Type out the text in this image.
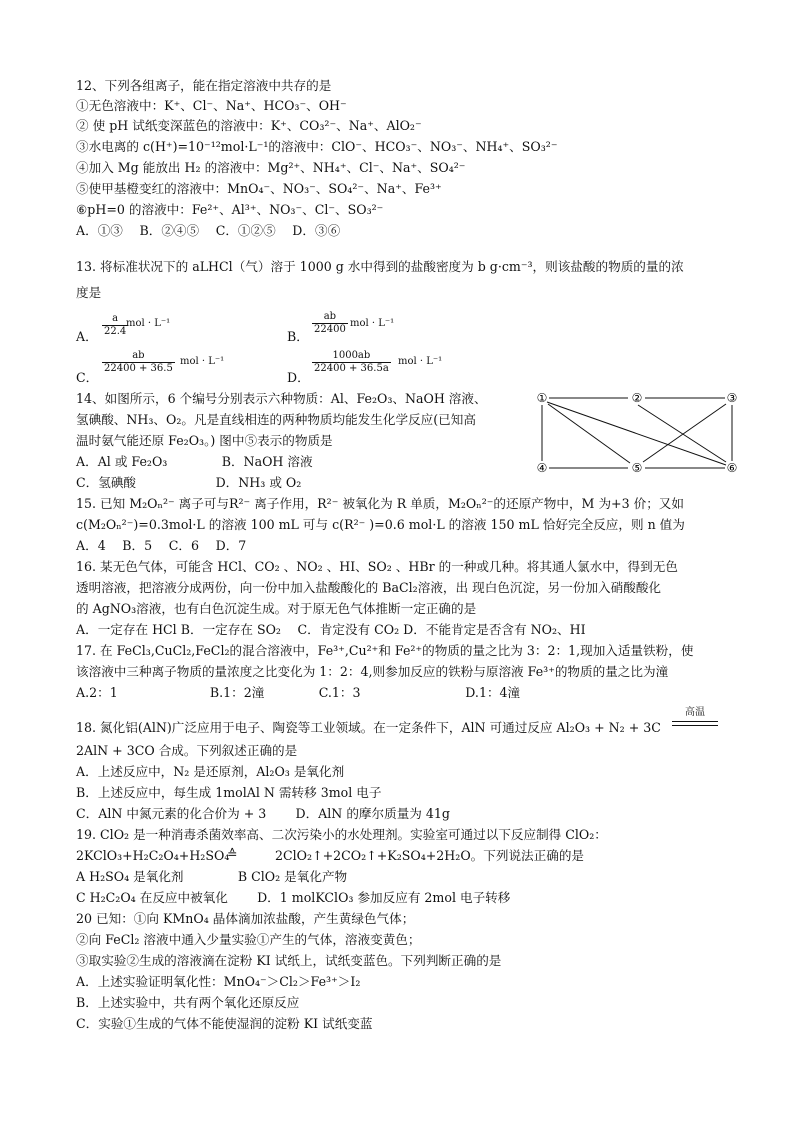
12、下列各组离子，能在指定溶液中共存的是
①无色溶液中：K⁺、Cl⁻、Na⁺、HCO₃⁻、OH⁻
② 使 pH 试纸变深蓝色的溶液中：K⁺、CO₃²⁻、Na⁺、AlO₂⁻
③水电离的 c(H⁺)=10⁻¹²mol·L⁻¹的溶液中：ClO⁻、HCO₃⁻、NO₃⁻、NH₄⁺、SO₃²⁻
④加入 Mg 能放出 H₂ 的溶液中：Mg²⁺、NH₄⁺、Cl⁻、Na⁺、SO₄²⁻
⑤使甲基橙变红的溶液中：MnO₄⁻、NO₃⁻、SO₄²⁻、Na⁺、Fe³⁺
⑥pH=0 的溶液中：Fe²⁺、Al³⁺、NO₃⁻、Cl⁻、SO₃²⁻
A．①③　 B．②④⑤　 C．①②⑤　 D．③⑥
13. 将标准状况下的 aLHCl（气）溶于 1000 g 水中得到的盐酸密度为 b g·cm⁻³，则该盐酸的物质的量的浓
度是
A． $\frac{a}{22.4}$
mol · L⁻¹
B．
$\frac{ab}{22400}$ mol · L⁻¹
C．
$\frac{ab}{22400 + 36.5}$ mol · L⁻¹
D．
$\frac{1000ab}{22400 + 36.5a}$ mol · L⁻¹
14、如图所示，6 个编号分别表示六种物质：Al、Fe₂O₃、NaOH 溶液、
氢碘酸、NH₃、O₂。凡是直线相连的两种物质均能发生化学反应(已知高
温时氨气能还原 Fe₂O₃。) 图中⑤表示的物质是
A．Al 或 Fe₂O₃　　　　 B．NaOH 溶液
C．氢碘酸　　　　　　 D．NH₃ 或 O₂
①	②	③
④	⑤	⑥
15. 已知 M₂Oₙ²⁻ 离子可与R²⁻ 离子作用，R²⁻ 被氧化为 R 单质，M₂Oₙ²⁻的还原产物中，M 为+3 价；又如
c(M₂Oₙ²⁻)=0.3mol·L 的溶液 100 mL 可与 c(R²⁻ )=0.6 mol·L 的溶液 150 mL 恰好完全反应，则 n 值为
A．4　 B．5　 C．6　 D．7
16. 某无色气体，可能含 HCl、CO₂ 、NO₂ 、HI、SO₂ 、HBr 的一种或几种。将其通人氯水中，得到无色
透明溶液，把溶液分成两份，向一份中加入盐酸酸化的 BaCl₂溶液，出 现白色沉淀，另一份加入硝酸酸化
的 AgNO₃溶液，也有白色沉淀生成。对于原无色气体推断一定正确的是
A．一定存在 HCl B．一定存在 SO₂　 C．肯定没有 CO₂ D．不能肯定是否含有 NO₂、HI
17. 在 FeCl₃,CuCl₂,FeCl₂的混合溶液中，Fe³⁺,Cu²⁺和 Fe²⁺的物质的量之比为 3：2：1,现加入适量铁粉，使
该溶液中三种离子物质的量浓度之比变化为 1：2：4,则参加反应的铁粉与原溶液 Fe³⁺的物质的量之比为潼
A.2：1　　　　　　　 B.1：2潼　　　　 C.1：3　　　　　　　　 D.1：4潼
18. 氮化铝(AlN)广泛应用于电子、陶瓷等工业领域。在一定条件下，AlN 可通过反应 Al₂O₃ + N₂ + 3C
高温
2AlN + 3CO 合成。下列叙述正确的是
A．上述反应中，N₂ 是还原剂，Al₂O₃ 是氧化剂
B．上述反应中，每生成 1molAl N 需转移 3mol 电子
C．AlN 中氮元素的化合价为 + 3　　 D．AlN 的摩尔质量为 41g
19. ClO₂ 是一种消毒杀菌效率高、二次污染小的水处理剂。实验室可通过以下反应制得 ClO₂：
2KClO₃+H₂C₂O₄+H₂SO₄
≙	2ClO₂↑+2CO₂↑+K₂SO₄+2H₂O。下列说法正确的是
A H₂SO₄ 是氧化剂　　　　 B ClO₂ 是氧化产物
C H₂C₂O₄ 在反应中被氧化　　 D．1 molKClO₃ 参加反应有 2mol 电子转移
20 已知：①向 KMnO₄ 晶体滴加浓盐酸，产生黄绿色气体；
②向 FeCl₂ 溶液中通入少量实验①产生的气体，溶液变黄色；
③取实验②生成的溶液滴在淀粉 KI 试纸上，试纸变蓝色。下列判断正确的是
A．上述实验证明氧化性：MnO₄⁻＞Cl₂＞Fe³⁺＞I₂
B．上述实验中，共有两个氧化还原反应
C．实验①生成的气体不能使湿润的淀粉 KI 试纸变蓝
